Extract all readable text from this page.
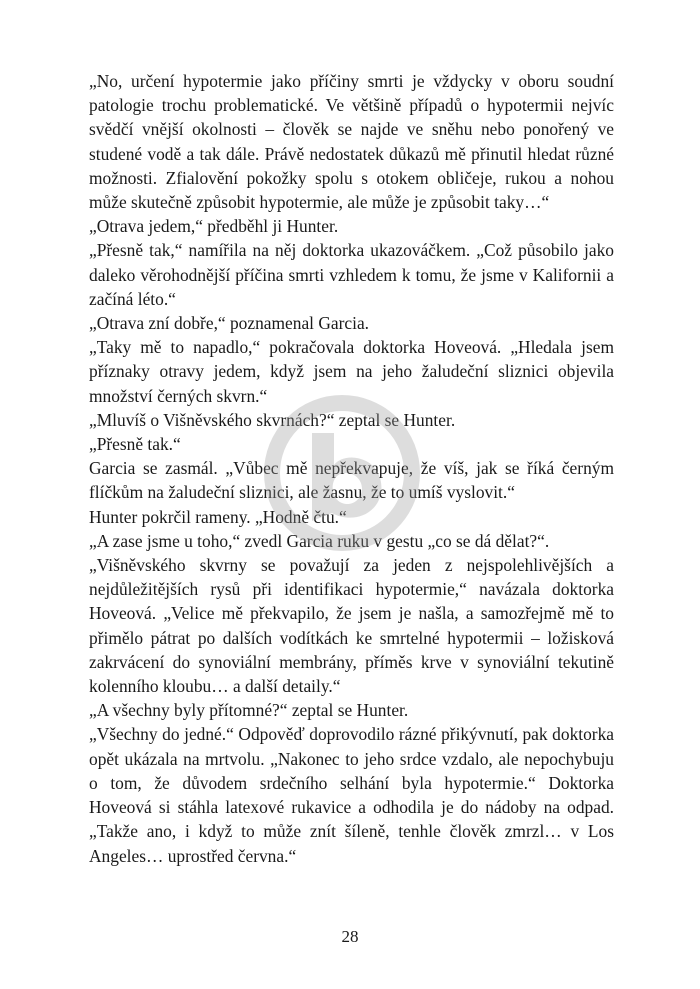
„No, určení hypotermie jako příčiny smrti je vždycky v oboru soudní patologie trochu problematické. Ve většině případů o hypotermii nejvíc svědčí vnější okolnosti – člověk se najde ve sněhu nebo ponořený ve studené vodě a tak dále. Právě nedostatek důkazů mě přinutil hledat různé možnosti. Zfialovění pokožky spolu s otokem obličeje, rukou a nohou může skutečně způsobit hypotermie, ale může je způsobit taky…“

„Otrava jedem,“ předběhl ji Hunter.

„Přesně tak,“ namířila na něj doktorka ukazováčkem. „Což působilo jako daleko věrohodnější příčina smrti vzhledem k tomu, že jsme v Kalifornii a začíná léto.“

„Otrava zní dobře,“ poznamenal Garcia.

„Taky mě to napadlo,“ pokračovala doktorka Hoveová. „Hledala jsem příznaky otravy jedem, když jsem na jeho žaludeční sliznici objevila množství černých skvrn.“

„Mluvíš o Višněvského skvrnách?“ zeptal se Hunter.

„Přesně tak.“

Garcia se zasmál. „Vůbec mě nepřekvapuje, že víš, jak se říká černým flíčkům na žaludeční sliznici, ale žasnu, že to umíš vyslovit.“

Hunter pokrčil rameny. „Hodně čtu.“

„A zase jsme u toho,“ zvedl Garcia ruku v gestu „co se dá dělat?“.

„Višněvského skvrny se považují za jeden z nejspolehlivějších a nejdůležitějších rysů při identifikaci hypotermie,“ navázala doktorka Hoveová. „Velice mě překvapilo, že jsem je našla, a samozřejmě mě to přimělo pátrat po dalších vodítkách ke smrtelné hypotermii – ložisková zakrvácení do synoviální membrány, příměs krve v synoviální tekutině kolenního kloubu… a další detaily.“

„A všechny byly přítomné?“ zeptal se Hunter.

„Všechny do jedné.“ Odpověď doprovodilo rázné přikývnutí, pak doktorka opět ukázala na mrtvolu. „Nakonec to jeho srdce vzdalo, ale nepochybuju o tom, že důvodem srdečního selhání byla hypotermie.“ Doktorka Hoveová si stáhla latexové rukavice a odhodila je do nádoby na odpad. „Takže ano, i když to může znít šíleně, tenhle člověk zmrzl… v Los Angeles… uprostřed června.“

28
